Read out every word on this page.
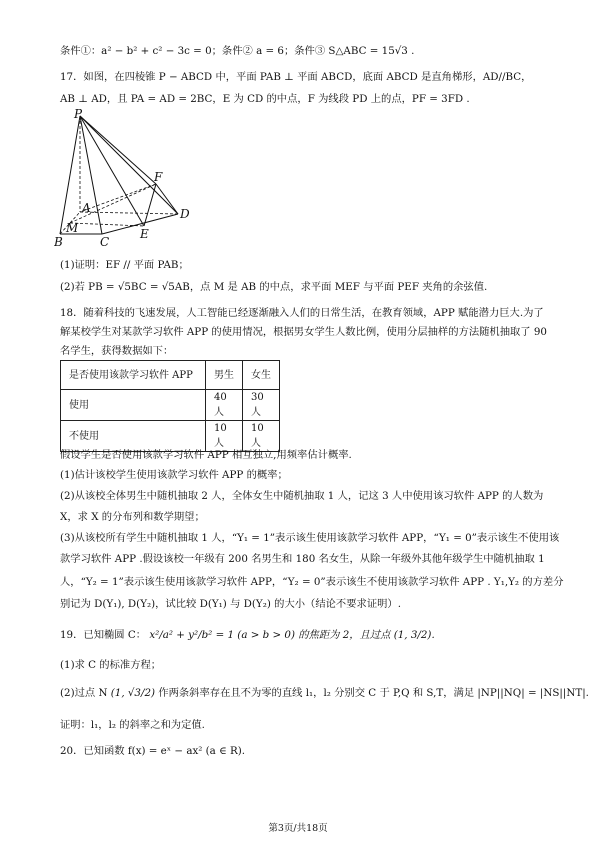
条件①：a² − b² + c² − 3c = 0；条件② a = 6；条件③ S△ABC = 15√3 .
17．如图，在四棱锥 P − ABCD 中，平面 PAB ⊥ 平面 ABCD，底面 ABCD 是直角梯形，AD//BC，
AB ⊥ AD，且 PA = AD = 2BC，E 为 CD 的中点，F 为线段 PD 上的点，PF = 3FD .
P
F
A	D
M
B	C
E
(1)证明：EF // 平面 PAB；
(2)若 PB = √5BC = √5AB，点 M 是 AB 的中点，求平面 MEF 与平面 PEF 夹角的余弦值.
18．随着科技的飞速发展，人工智能已经逐渐融入人们的日常生活，在教育领域，APP 赋能潜力巨大.为了
解某校学生对某款学习软件 APP 的使用情况，根据男女学生人数比例，使用分层抽样的方法随机抽取了 90
名学生，获得数据如下：
是否使用该款学习软件 APP	男生	女生
使用	40 人	30 人
不使用	10 人	10 人
假设学生是否使用该款学习软件 APP 相互独立,用频率估计概率.
(1)估计该校学生使用该款学习软件 APP 的概率；
(2)从该校全体男生中随机抽取 2 人，全体女生中随机抽取 1 人，记这 3 人中使用该习软件 APP 的人数为
X，求 X 的分布列和数学期望；
(3)从该校所有学生中随机抽取 1 人，“Y₁ = 1”表示该生使用该款学习软件 APP，“Y₁ = 0”表示该生不使用该
款学习软件 APP .假设该校一年级有 200 名男生和 180 名女生，从除一年级外其他年级学生中随机抽取 1
人，“Y₂ = 1”表示该生使用该款学习软件 APP，“Y₂ = 0”表示该生不使用该款学习软件 APP . Y₁,Y₂ 的方差分
别记为 D(Y₁), D(Y₂)，试比较 D(Y₁) 与 D(Y₂) 的大小（结论不要求证明）.
19．已知椭圆 C： x²/a² + y²/b² = 1 (a > b > 0) 的焦距为 2，且过点 (1, 3/2).
(1)求 C 的标准方程；
(2)过点 N (1, √3/2) 作两条斜率存在且不为零的直线 l₁，l₂ 分别交 C 于 P,Q 和 S,T，满足 |NP||NQ| = |NS||NT|.
证明：l₁，l₂ 的斜率之和为定值.
20．已知函数 f(x) = eˣ − ax² (a ∈ R).
第3页/共18页
